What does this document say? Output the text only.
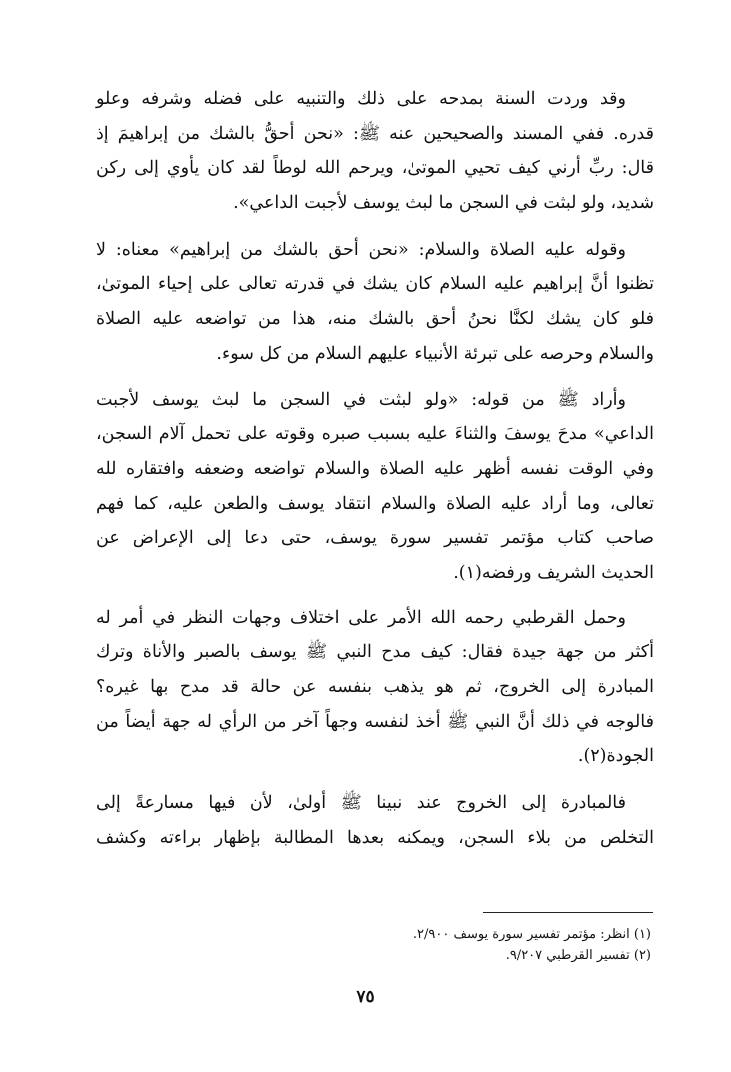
وقد وردت السنة بمدحه على ذلك والتنبيه على فضله وشرفه وعلو
قدره. ففي المسند والصحيحين عنه ﷺ: «نحن أحقُّ بالشك من إبراهيمَ إذ
قال: ربِّ أرني كيف تحيي الموتىٰ، ويرحم الله لوطاً لقد كان يأوي إلى ركن
شديد، ولو لبثت في السجن ما لبث يوسف لأجبت الداعي».
وقوله عليه الصلاة والسلام: «نحن أحق بالشك من إبراهيم» معناه: لا
تظنوا أنَّ إبراهيم عليه السلام كان يشك في قدرته تعالى على إحياء الموتىٰ،
فلو كان يشك لكنَّا نحنُ أحق بالشك منه، هذا من تواضعه عليه الصلاة
والسلام وحرصه على تبرئة الأنبياء عليهم السلام من كل سوء.
وأراد ﷺ من قوله: «ولو لبثت في السجن ما لبث يوسف لأجبت
الداعي» مدحَ يوسفَ والثناءَ عليه بسبب صبره وقوته على تحمل آلام السجن،
وفي الوقت نفسه أظهر عليه الصلاة والسلام تواضعه وضعفه وافتقاره لله
تعالى، وما أراد عليه الصلاة والسلام انتقاد يوسف والطعن عليه، كما فهم
صاحب كتاب مؤتمر تفسير سورة يوسف، حتى دعا إلى الإعراض عن
الحديث الشريف ورفضه(١).
وحمل القرطبي رحمه الله الأمر على اختلاف وجهات النظر في أمر له
أكثر من جهة جيدة فقال: كيف مدح النبي ﷺ يوسف بالصبر والأناة وترك
المبادرة إلى الخروج، ثم هو يذهب بنفسه عن حالة قد مدح بها غيره؟
فالوجه في ذلك أنَّ النبي ﷺ أخذ لنفسه وجهاً آخر من الرأي له جهة أيضاً من
الجودة(٢).
فالمبادرة إلى الخروج عند نبينا ﷺ أولىٰ، لأن فيها مسارعةً إلى
التخلص من بلاء السجن، ويمكنه بعدها المطالبة بإظهار براءته وكشف
(١) انظر: مؤتمر تفسير سورة يوسف ٢/٩٠٠.
(٢) تفسير القرطبي ٩/٢٠٧.
٧٥
